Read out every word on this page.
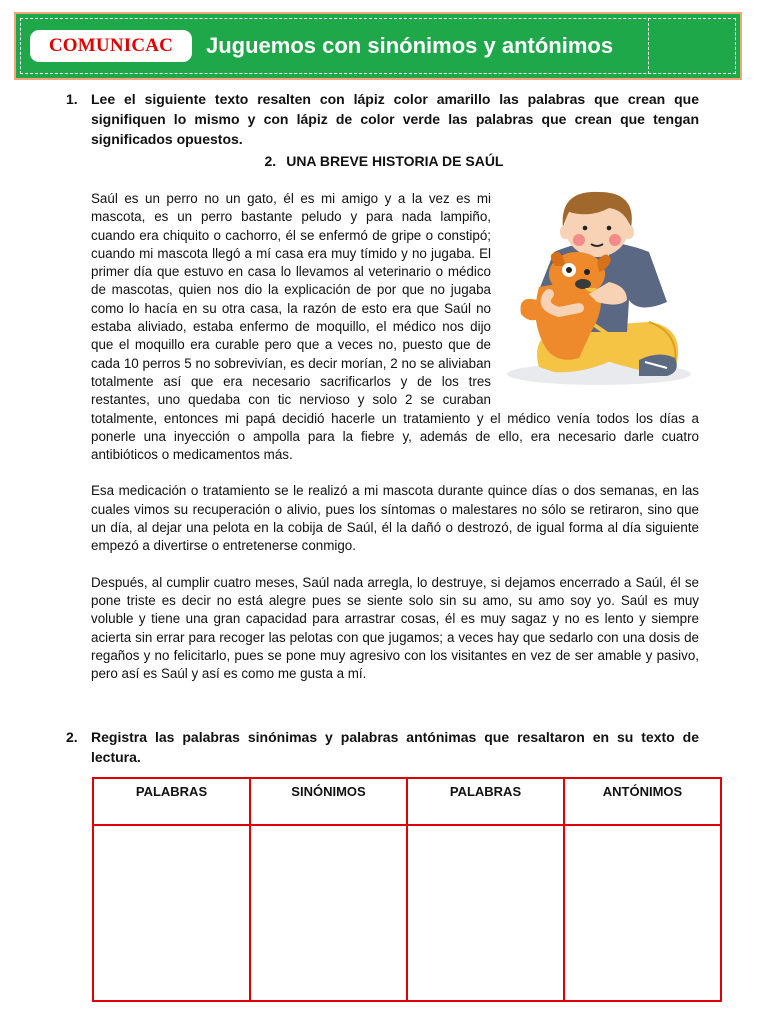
COMUNICAC	Juguemos con sinónimos y antónimos
1. Lee el siguiente texto resalten con lápiz color amarillo las palabras que crean que signifiquen lo mismo y con lápiz de color verde las palabras que crean que tengan significados opuestos.
2. UNA BREVE HISTORIA DE SAÚL

Saúl es un perro no un gato, él es mi amigo y a la vez es mi mascota, es un perro bastante peludo y para nada lampiño, cuando era chiquito o cachorro, él se enfermó de gripe o constipó; cuando mi mascota llegó a mí casa era muy tímido y no jugaba. El primer día que estuvo en casa lo llevamos al veterinario o médico de mascotas, quien nos dio la explicación de por que no jugaba como lo hacía en su otra casa, la razón de esto era que Saúl no estaba aliviado, estaba enfermo de moquillo, el médico nos dijo que el moquillo era curable pero que a veces no, puesto que de cada 10 perros 5 no sobrevivían, es decir morían, 2 no se aliviaban totalmente así que era necesario sacrificarlos y de los tres restantes, uno quedaba con tic nervioso y solo 2 se curaban totalmente, entonces mi papá decidió hacerle un tratamiento y el médico venía todos los días a ponerle una inyección o ampolla para la fiebre y, además de ello, era necesario darle cuatro antibióticos o medicamentos más.

Esa medicación o tratamiento se le realizó a mi mascota durante quince días o dos semanas, en las cuales vimos su recuperación o alivio, pues los síntomas o malestares no sólo se retiraron, sino que un día, al dejar una pelota en la cobija de Saúl, él la dañó o destrozó, de igual forma al día siguiente empezó a divertirse o entretenerse conmigo.

Después, al cumplir cuatro meses, Saúl nada arregla, lo destruye, si dejamos encerrado a Saúl, él se pone triste es decir no está alegre pues se siente solo sin su amo, su amo soy yo. Saúl es muy voluble y tiene una gran capacidad para arrastrar cosas, él es muy sagaz y no es lento y siempre acierta sin errar para recoger las pelotas con que jugamos; a veces hay que sedarlo con una dosis de regaños y no felicitarlo, pues se pone muy agresivo con los visitantes en vez de ser amable y pasivo, pero así es Saúl y así es como me gusta a mí.

2. Registra las palabras sinónimas y palabras antónimas que resaltaron en su texto de lectura.
PALABRAS	SINÓNIMOS	PALABRAS	ANTÓNIMOS
